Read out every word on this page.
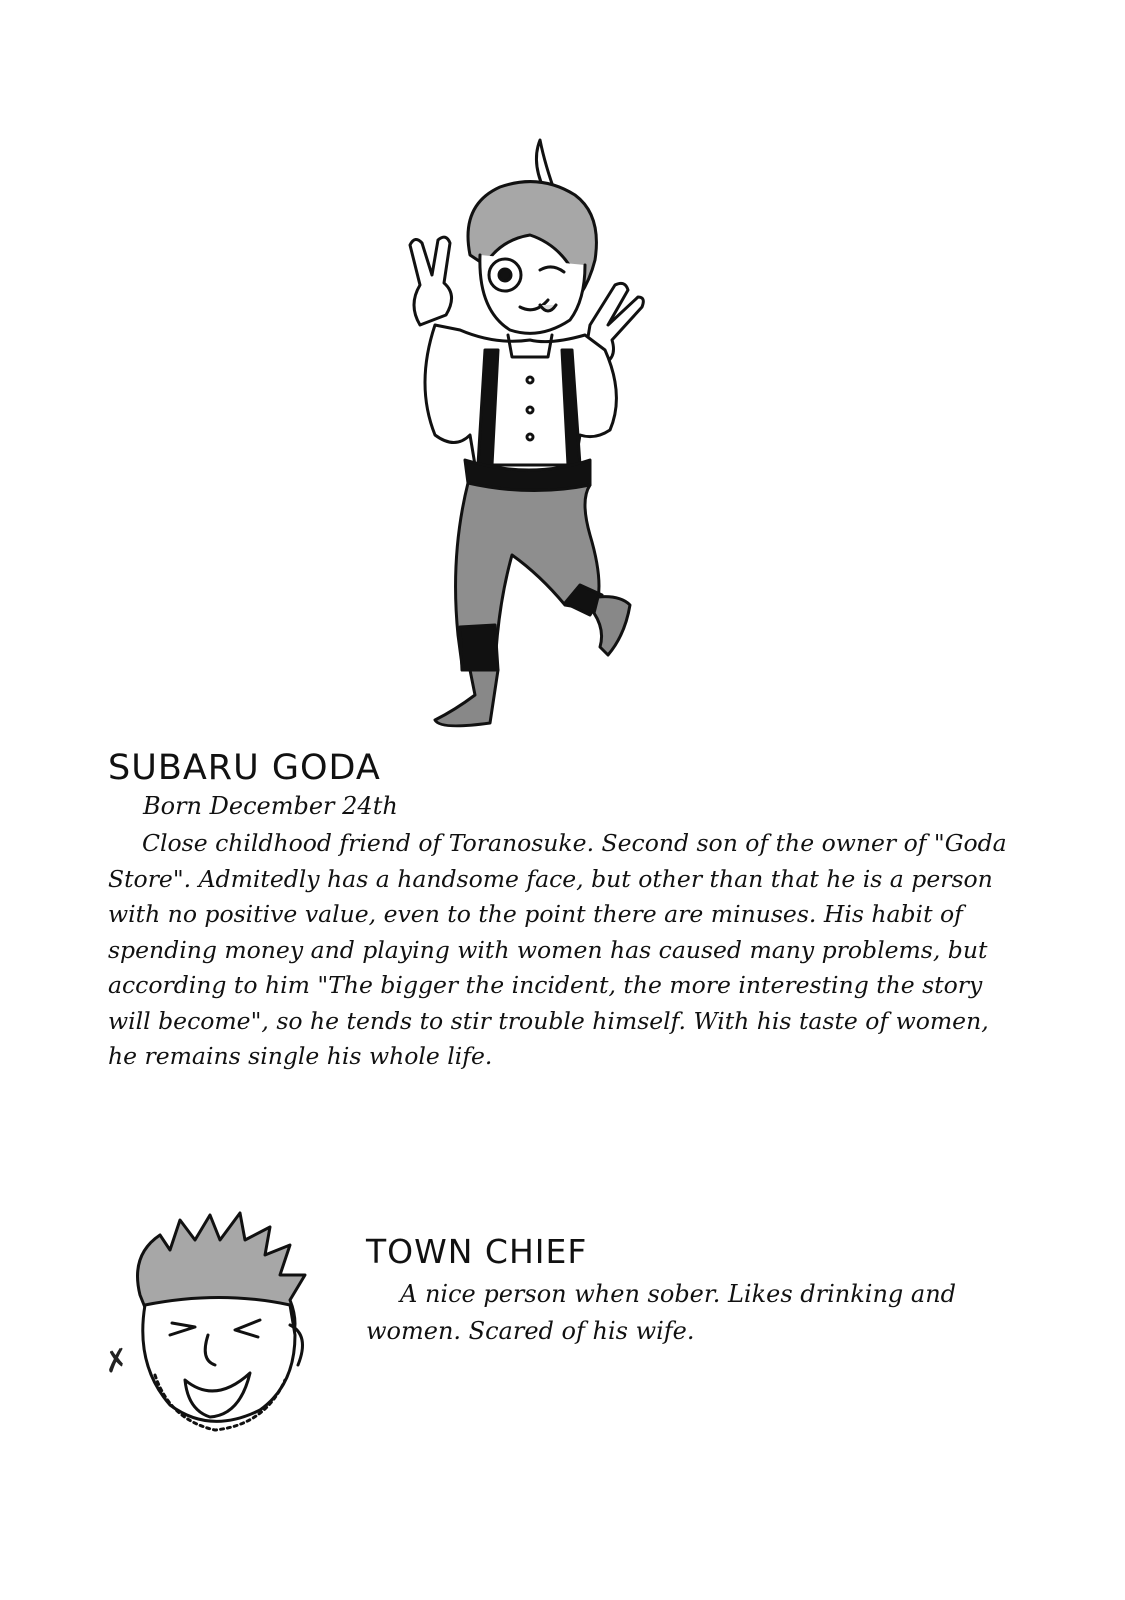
SUBARU GODA

Born December 24th

Close childhood friend of Toranosuke. Second son of the owner of "Goda Store". Admitedly has a handsome face, but other than that he is a person with no positive value, even to the point there are minuses. His habit of spending money and playing with women has caused many problems, but according to him "The bigger the incident, the more interesting the story will become", so he tends to stir trouble himself. With his taste of women, he remains single his whole life.

✗
TOWN CHIEF

A nice person when sober. Likes drinking and women. Scared of his wife.
